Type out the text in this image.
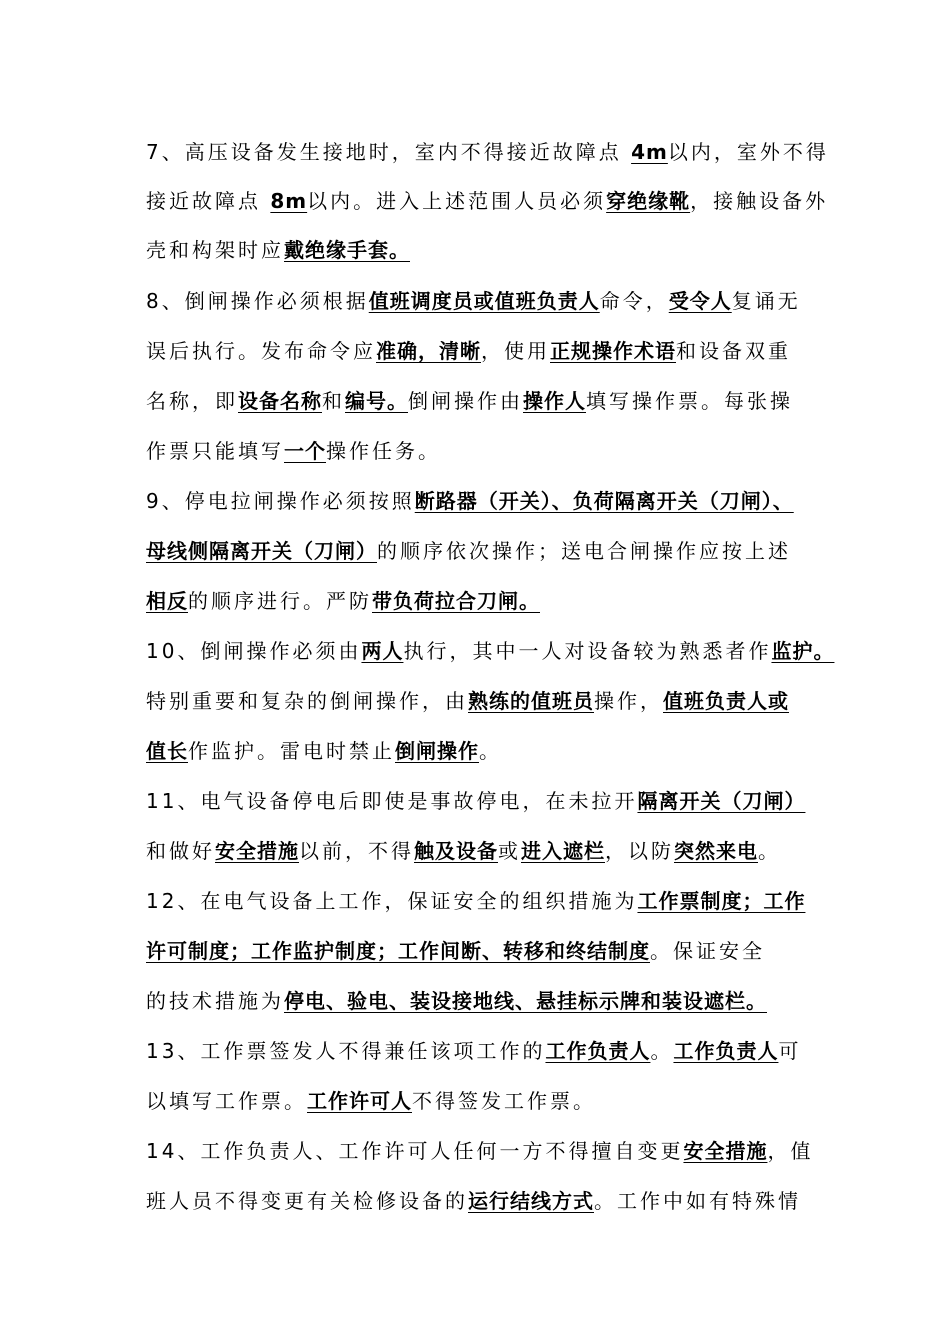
7、高压设备发生接地时，室内不得接近故障点 4m以内，室外不得
接近故障点 8m以内。进入上述范围人员必须穿绝缘靴，接触设备外
壳和构架时应戴绝缘手套。
8、倒闸操作必须根据值班调度员或值班负责人命令，受令人复诵无
误后执行。发布命令应准确，清晰，使用正规操作术语和设备双重
名称，即设备名称和编号。倒闸操作由操作人填写操作票。每张操
作票只能填写一个操作任务。
9、停电拉闸操作必须按照断路器（开关）、负荷隔离开关（刀闸）、
母线侧隔离开关（刀闸）的顺序依次操作；送电合闸操作应按上述
相反的顺序进行。严防带负荷拉合刀闸。
10、倒闸操作必须由两人执行，其中一人对设备较为熟悉者作监护。
特别重要和复杂的倒闸操作，由熟练的值班员操作，值班负责人或
值长作监护。雷电时禁止倒闸操作。
11、电气设备停电后即使是事故停电，在未拉开隔离开关（刀闸）
和做好安全措施以前，不得触及设备或进入遮栏，以防突然来电。
12、在电气设备上工作，保证安全的组织措施为工作票制度；工作
许可制度；工作监护制度；工作间断、转移和终结制度。保证安全
的技术措施为停电、验电、装设接地线、悬挂标示牌和装设遮栏。
13、工作票签发人不得兼任该项工作的工作负责人。工作负责人可
以填写工作票。工作许可人不得签发工作票。
14、工作负责人、工作许可人任何一方不得擅自变更安全措施，值
班人员不得变更有关检修设备的运行结线方式。工作中如有特殊情
